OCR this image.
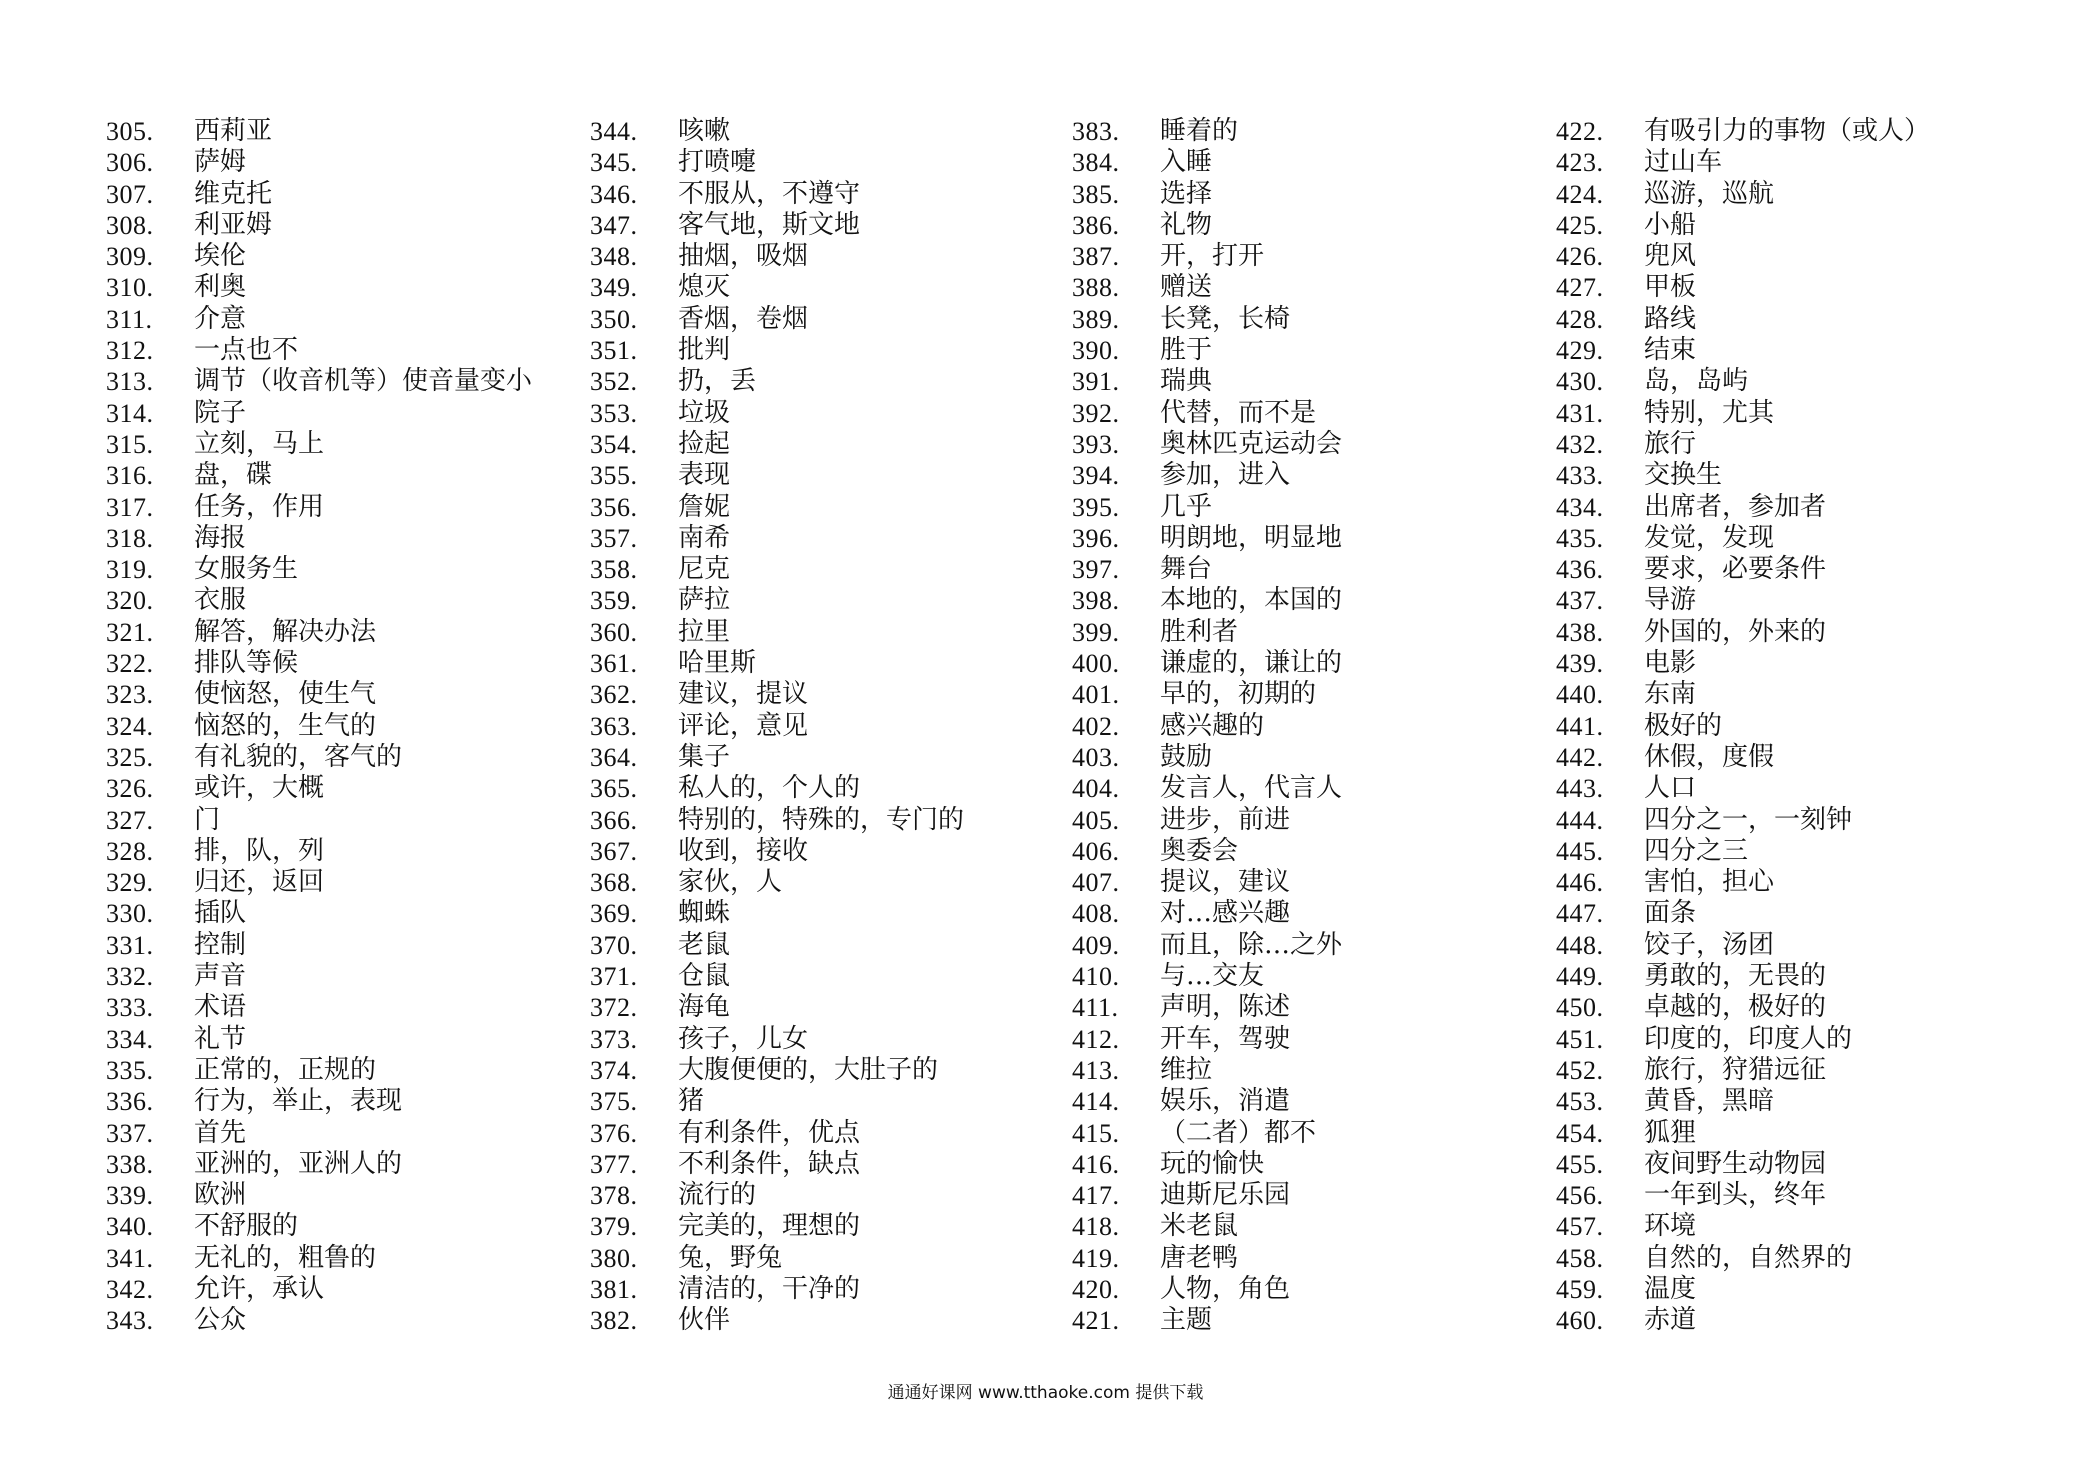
305.	西莉亚
306.	萨姆
307.	维克托
308.	利亚姆
309.	埃伦
310.	利奥
311.	介意
312.	一点也不
313.	调节（收音机等）使音量变小
314.	院子
315.	立刻，马上
316.	盘，碟
317.	任务，作用
318.	海报
319.	女服务生
320.	衣服
321.	解答，解决办法
322.	排队等候
323.	使恼怒，使生气
324.	恼怒的，生气的
325.	有礼貌的，客气的
326.	或许，大概
327.	门
328.	排，队，列
329.	归还，返回
330.	插队
331.	控制
332.	声音
333.	术语
334.	礼节
335.	正常的，正规的
336.	行为，举止，表现
337.	首先
338.	亚洲的，亚洲人的
339.	欧洲
340.	不舒服的
341.	无礼的，粗鲁的
342.	允许，承认
343.	公众
344.	咳嗽
345.	打喷嚏
346.	不服从，不遵守
347.	客气地，斯文地
348.	抽烟，吸烟
349.	熄灭
350.	香烟，卷烟
351.	批判
352.	扔，丢
353.	垃圾
354.	捡起
355.	表现
356.	詹妮
357.	南希
358.	尼克
359.	萨拉
360.	拉里
361.	哈里斯
362.	建议，提议
363.	评论，意见
364.	集子
365.	私人的，个人的
366.	特别的，特殊的，专门的
367.	收到，接收
368.	家伙，人
369.	蜘蛛
370.	老鼠
371.	仓鼠
372.	海龟
373.	孩子，儿女
374.	大腹便便的，大肚子的
375.	猪
376.	有利条件，优点
377.	不利条件，缺点
378.	流行的
379.	完美的，理想的
380.	兔，野兔
381.	清洁的，干净的
382.	伙伴
383.	睡着的
384.	入睡
385.	选择
386.	礼物
387.	开，打开
388.	赠送
389.	长凳，长椅
390.	胜于
391.	瑞典
392.	代替，而不是
393.	奥林匹克运动会
394.	参加，进入
395.	几乎
396.	明朗地，明显地
397.	舞台
398.	本地的，本国的
399.	胜利者
400.	谦虚的，谦让的
401.	早的，初期的
402.	感兴趣的
403.	鼓励
404.	发言人，代言人
405.	进步，前进
406.	奥委会
407.	提议，建议
408.	对…感兴趣
409.	而且，除…之外
410.	与…交友
411.	声明，陈述
412.	开车，驾驶
413.	维拉
414.	娱乐，消遣
415.	（二者）都不
416.	玩的愉快
417.	迪斯尼乐园
418.	米老鼠
419.	唐老鸭
420.	人物，角色
421.	主题
422.	有吸引力的事物（或人）
423.	过山车
424.	巡游，巡航
425.	小船
426.	兜风
427.	甲板
428.	路线
429.	结束
430.	岛，岛屿
431.	特别，尤其
432.	旅行
433.	交换生
434.	出席者，参加者
435.	发觉，发现
436.	要求，必要条件
437.	导游
438.	外国的，外来的
439.	电影
440.	东南
441.	极好的
442.	休假，度假
443.	人口
444.	四分之一，一刻钟
445.	四分之三
446.	害怕，担心
447.	面条
448.	饺子，汤团
449.	勇敢的，无畏的
450.	卓越的，极好的
451.	印度的，印度人的
452.	旅行，狩猎远征
453.	黄昏，黑暗
454.	狐狸
455.	夜间野生动物园
456.	一年到头，终年
457.	环境
458.	自然的，自然界的
459.	温度
460.	赤道
通通好课网 www.tthaoke.com 提供下载
